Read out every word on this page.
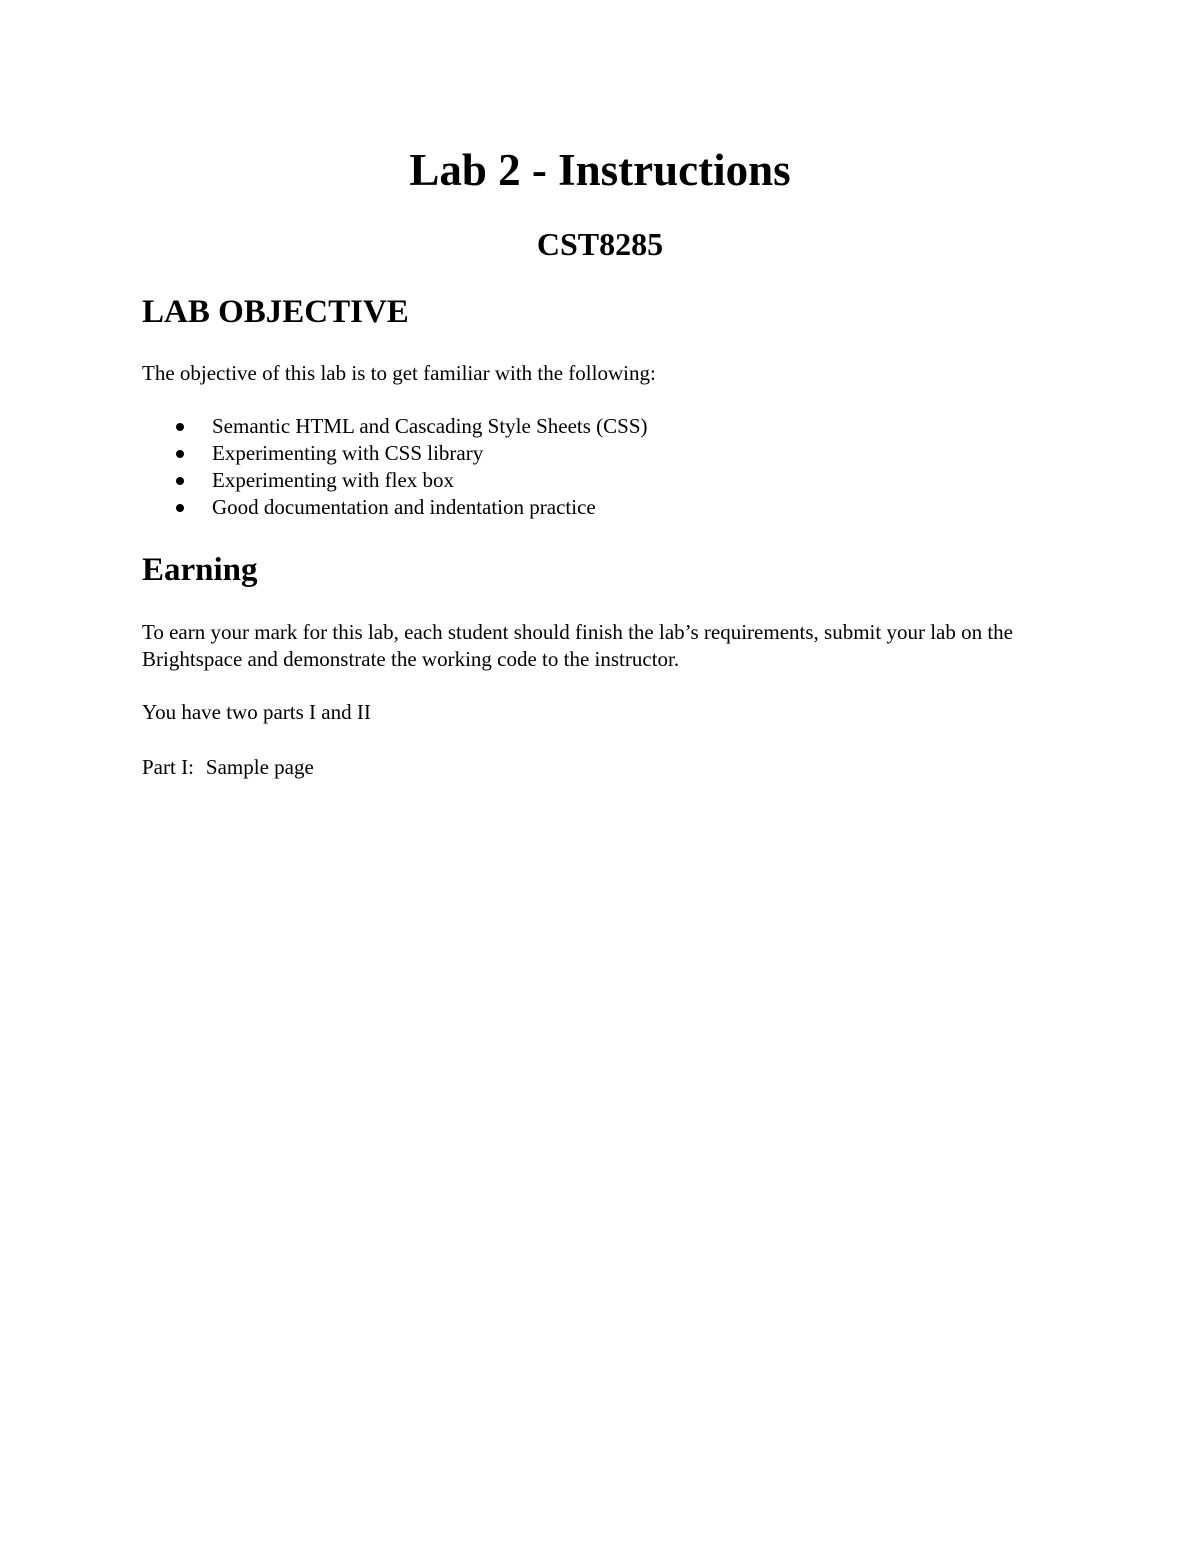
Lab 2 - Instructions
CST8285
LAB OBJECTIVE

The objective of this lab is to get familiar with the following:

Semantic HTML and Cascading Style Sheets (CSS)
Experimenting with CSS library
Experimenting with flex box
Good documentation and indentation practice
Earning

To earn your mark for this lab, each student should finish the lab’s requirements, submit your lab on the Brightspace and demonstrate the working code to the instructor.

You have two parts I and II

Part I: Sample page
